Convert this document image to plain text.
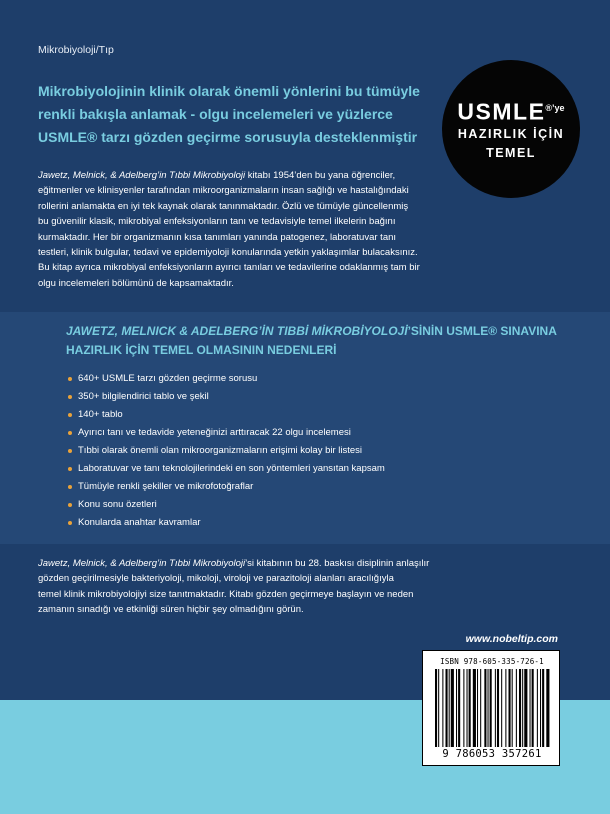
Mikrobiyoloji/Tıp

Mikrobiyolojinin klinik olarak önemli yönlerini bu tümüyle

renkli bakışla anlamak - olgu incelemeleri ve yüzlerce

USMLE® tarzı gözden geçirme sorusuyla desteklenmiştir

$USMLE^{®’ye}$
HAZIRLIK İÇİN
TEMEL

Jawetz, Melnick, & Adelberg’in Tıbbi Mikrobiyoloji kitabı 1954’den bu yana öğrenciler,

eğitmenler ve klinisyenler tarafından mikroorganizmaların insan sağlığı ve hastalığındaki

rollerini anlamakta en iyi tek kaynak olarak tanınmaktadır. Özlü ve tümüyle güncellenmiş

bu güvenilir klasik, mikrobiyal enfeksiyonların tanı ve tedavisiyle temel ilkelerin bağını

kurmaktadır. Her bir organizmanın kısa tanımları yanında patogenez, laboratuvar tanı

testleri, klinik bulgular, tedavi ve epidemiyoloji konularında yetkin yaklaşımlar bulacaksınız.

Bu kitap ayrıca mikrobiyal enfeksiyonların ayırıcı tanıları ve tedavilerine odaklanmış tam bir

olgu incelemeleri bölümünü de kapsamaktadır.

JAWETZ, MELNICK & ADELBERG’İN TIBBİ MİKROBİYOLOJİ’SİNİN USMLE® SINAVINA

HAZIRLIK İÇİN TEMEL OLMASININ NEDENLERİ

640+ USMLE tarzı gözden geçirme sorusu
350+ bilgilendirici tablo ve şekil
140+ tablo
Ayırıcı tanı ve tedavide yeteneğinizi arttıracak 22 olgu incelemesi
Tıbbi olarak önemli olan mikroorganizmaların erişimi kolay bir listesi
Laboratuvar ve tanı teknolojilerindeki en son yöntemleri yansıtan kapsam
Tümüyle renkli şekiller ve mikrofotoğraflar
Konu sonu özetleri
Konularda anahtar kavramlar

Jawetz, Melnick, & Adelberg’in Tıbbi Mikrobiyoloji’si kitabının bu 28. baskısı disiplinin anlaşılır

gözden geçirilmesiyle bakteriyoloji, mikoloji, viroloji ve parazitoloji alanları aracılığıyla

temel klinik mikrobiyolojiyi size tanıtmaktadır. Kitabı gözden geçirmeye başlayın ve neden

zamanın sınadığı ve etkinliği süren hiçbir şey olmadığını görün.

www.nobeltip.com
ISBN 978-605-335-726-1
9 786053 357261
